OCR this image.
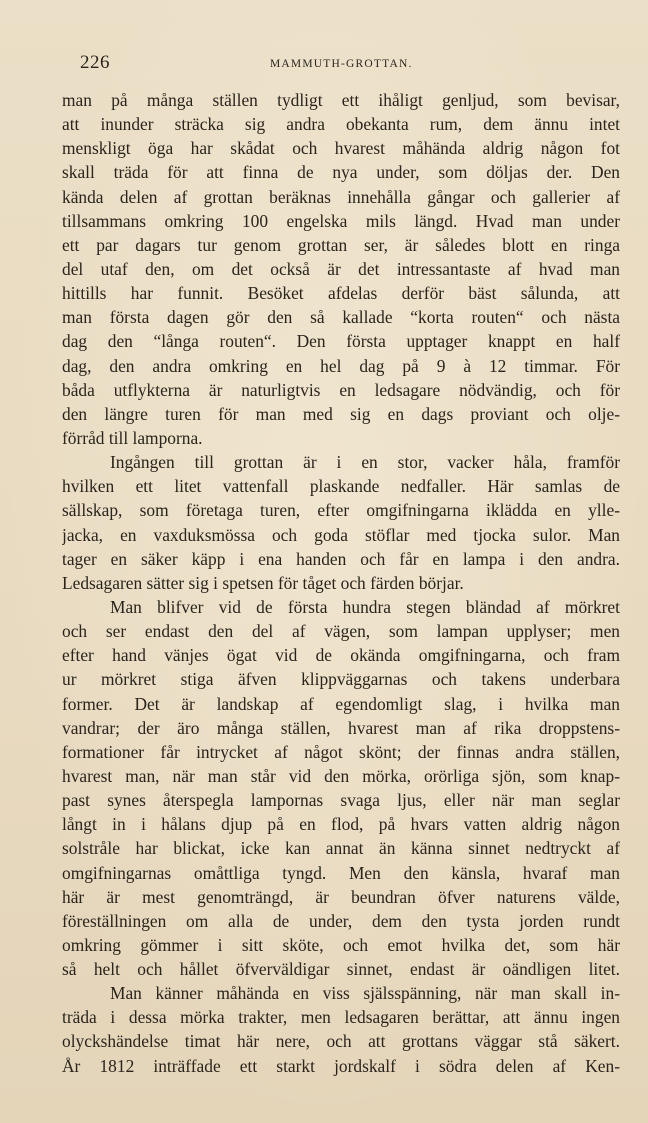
226	MAMMUTH-GROTTAN.
man på många ställen tydligt ett ihåligt genljud, som bevisar,
att inunder sträcka sig andra obekanta rum, dem ännu intet
menskligt öga har skådat och hvarest måhända aldrig någon fot
skall träda för att finna de nya under, som döljas der. Den
kända delen af grottan beräknas innehålla gångar och gallerier af
tillsammans omkring 100 engelska mils längd. Hvad man under
ett par dagars tur genom grottan ser, är således blott en ringa
del utaf den, om det också är det intressantaste af hvad man
hittills har funnit. Besöket afdelas derför bäst sålunda, att
man första dagen gör den så kallade “korta routen“ och nästa
dag den “långa routen“. Den första upptager knappt en half
dag, den andra omkring en hel dag på 9 à 12 timmar. För
båda utflykterna är naturligtvis en ledsagare nödvändig, och för
den längre turen för man med sig en dags proviant och olje-
förråd till lamporna.
Ingången till grottan är i en stor, vacker håla, framför
hvilken ett litet vattenfall plaskande nedfaller. Här samlas de
sällskap, som företaga turen, efter omgifningarna iklädda en ylle-
jacka, en vaxduksmössa och goda stöflar med tjocka sulor. Man
tager en säker käpp i ena handen och får en lampa i den andra.
Ledsagaren sätter sig i spetsen för tåget och färden börjar.
Man blifver vid de första hundra stegen bländad af mörkret
och ser endast den del af vägen, som lampan upplyser; men
efter hand vänjes ögat vid de okända omgifningarna, och fram
ur mörkret stiga äfven klippväggarnas och takens underbara
former. Det är landskap af egendomligt slag, i hvilka man
vandrar; der äro många ställen, hvarest man af rika droppstens-
formationer får intrycket af något skönt; der finnas andra ställen,
hvarest man, när man står vid den mörka, orörliga sjön, som knap-
past synes återspegla lampornas svaga ljus, eller när man seglar
långt in i hålans djup på en flod, på hvars vatten aldrig någon
solstråle har blickat, icke kan annat än känna sinnet nedtryckt af
omgifningarnas omåttliga tyngd. Men den känsla, hvaraf man
här är mest genomträngd, är beundran öfver naturens välde,
föreställningen om alla de under, dem den tysta jorden rundt
omkring gömmer i sitt sköte, och emot hvilka det, som här
så helt och hållet öfverväldigar sinnet, endast är oändligen litet.
Man känner måhända en viss själsspänning, när man skall in-
träda i dessa mörka trakter, men ledsagaren berättar, att ännu ingen
olyckshändelse timat här nere, och att grottans väggar stå säkert.
År 1812 inträffade ett starkt jordskalf i södra delen af Ken-
